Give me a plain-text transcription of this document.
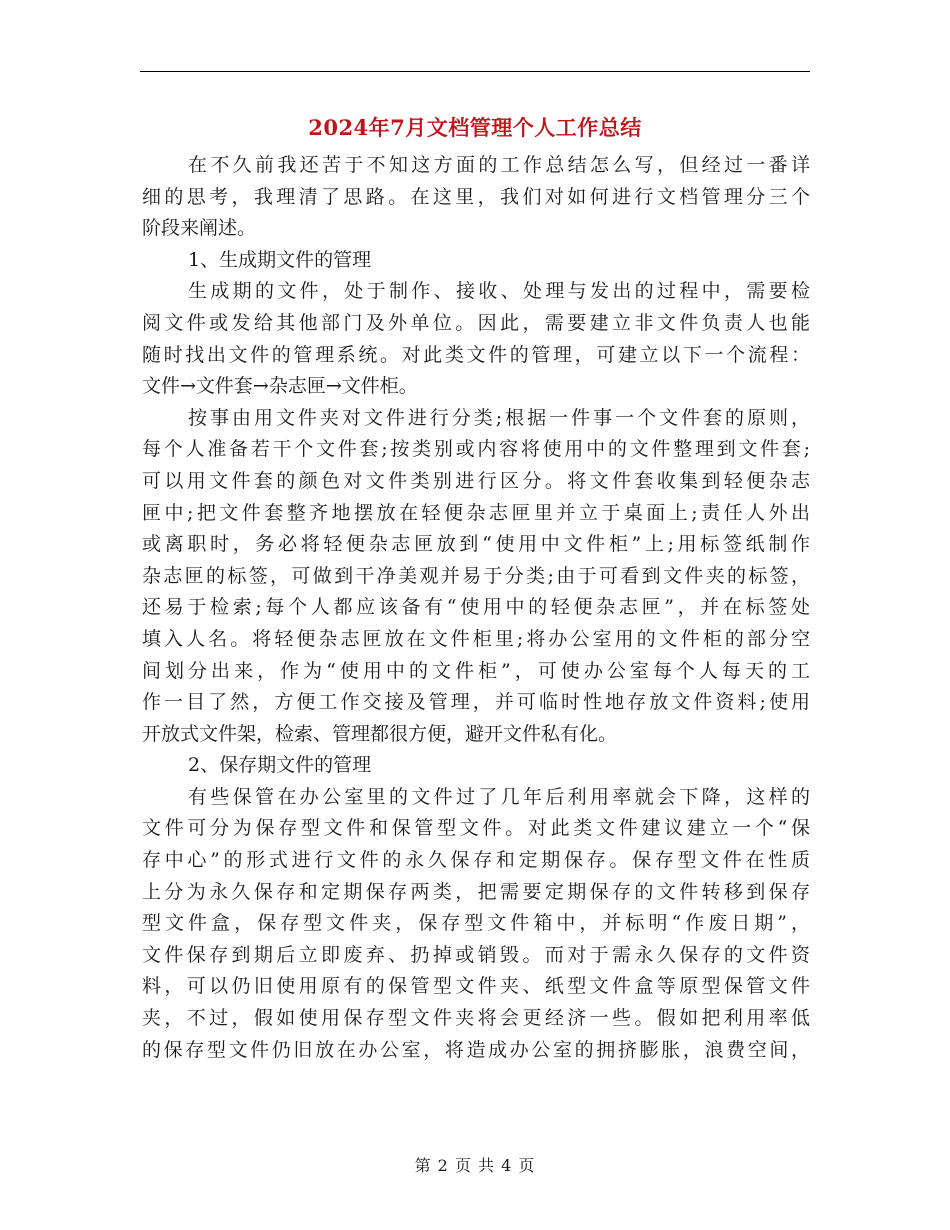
2024年7月文档管理个人工作总结
在不久前我还苦于不知这方面的工作总结怎么写，但经过一番详
细的思考，我理清了思路。在这里，我们对如何进行文档管理分三个
阶段来阐述。
1、生成期文件的管理
生成期的文件，处于制作、接收、处理与发出的过程中，需要检
阅文件或发给其他部门及外单位。因此，需要建立非文件负责人也能
随时找出文件的管理系统。对此类文件的管理，可建立以下一个流程：
文件→文件套→杂志匣→文件柜。
按事由用文件夹对文件进行分类;根据一件事一个文件套的原则，
每个人准备若干个文件套;按类别或内容将使用中的文件整理到文件套;
可以用文件套的颜色对文件类别进行区分。将文件套收集到轻便杂志
匣中;把文件套整齐地摆放在轻便杂志匣里并立于桌面上;责任人外出
或离职时，务必将轻便杂志匣放到“使用中文件柜”上;用标签纸制作
杂志匣的标签，可做到干净美观并易于分类;由于可看到文件夹的标签，
还易于检索;每个人都应该备有“使用中的轻便杂志匣”，并在标签处
填入人名。将轻便杂志匣放在文件柜里;将办公室用的文件柜的部分空
间划分出来，作为“使用中的文件柜”，可使办公室每个人每天的工
作一目了然，方便工作交接及管理，并可临时性地存放文件资料;使用
开放式文件架，检索、管理都很方便，避开文件私有化。
2、保存期文件的管理
有些保管在办公室里的文件过了几年后利用率就会下降，这样的
文件可分为保存型文件和保管型文件。对此类文件建议建立一个“保
存中心”的形式进行文件的永久保存和定期保存。保存型文件在性质
上分为永久保存和定期保存两类，把需要定期保存的文件转移到保存
型文件盒，保存型文件夹，保存型文件箱中，并标明“作废日期”，
文件保存到期后立即废弃、扔掉或销毁。而对于需永久保存的文件资
料，可以仍旧使用原有的保管型文件夹、纸型文件盒等原型保管文件
夹，不过，假如使用保存型文件夹将会更经济一些。假如把利用率低
的保存型文件仍旧放在办公室，将造成办公室的拥挤膨胀，浪费空间，
第 2 页 共 4 页
